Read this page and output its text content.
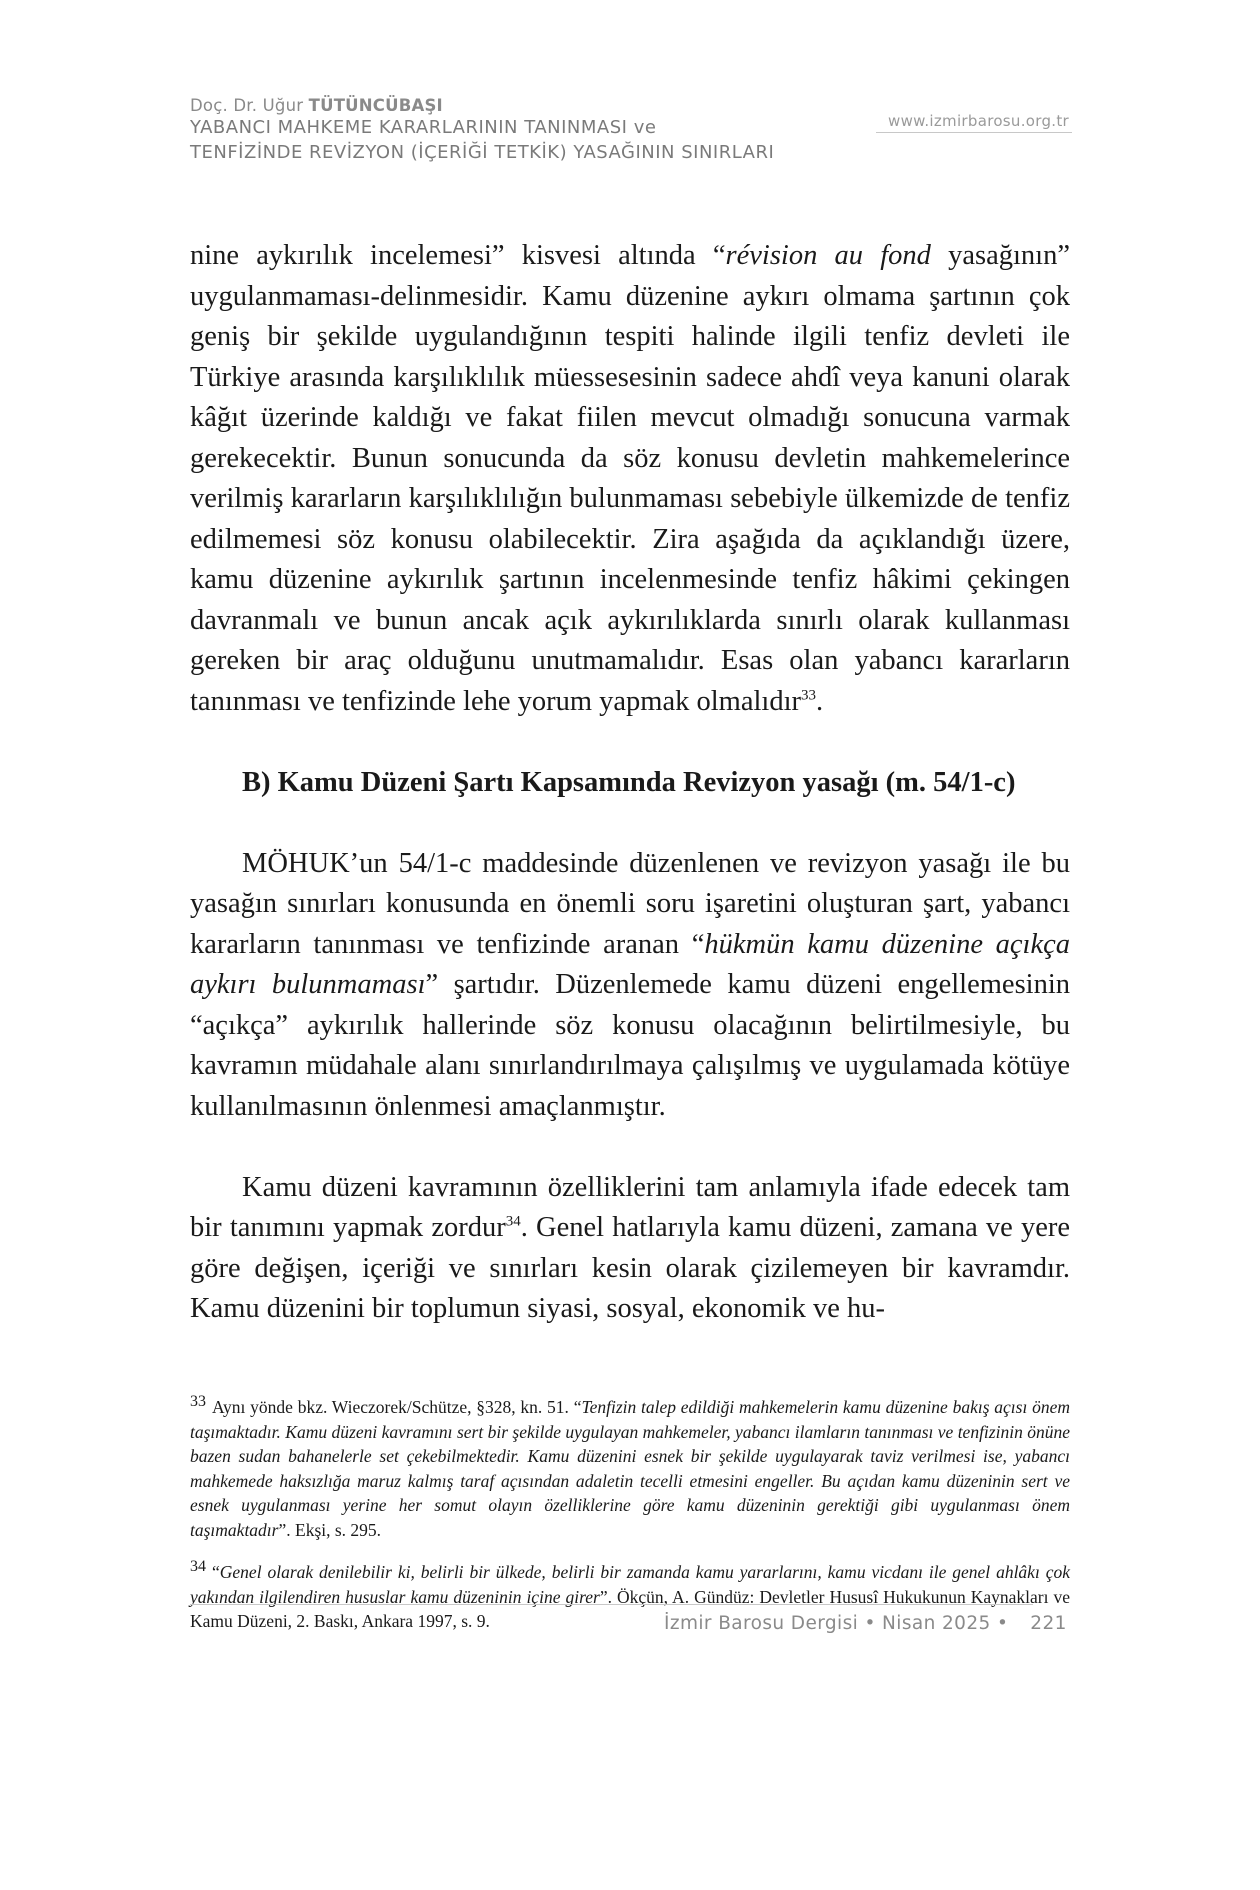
Doç. Dr. Uğur TÜTÜNCÜBAŞI
YABANCI MAHKEME KARARLARININ TANINMASI ve
TENFİZİNDE REVİZYON (İÇERİĞİ TETKİK) YASAĞININ SINIRLARI
www.izmirbarosu.org.tr

nine aykırılık incelemesi” kisvesi altında “révision au fond yasağının” uygulanmaması-delinmesidir. Kamu düzenine aykırı olmama şartının çok geniş bir şekilde uygulandığının tespiti halinde ilgili tenfiz devleti ile Türkiye arasında karşılıklılık müessesesinin sadece ahdî veya kanuni olarak kâğıt üzerinde kaldığı ve fakat fiilen mevcut olmadığı sonucuna varmak gerekecektir. Bunun sonucunda da söz konusu devletin mahkemelerince verilmiş kararların karşılıklılığın bulunmaması sebebiyle ülkemizde de tenfiz edilmemesi söz konusu olabilecektir. Zira aşağıda da açıklandığı üzere, kamu düzenine aykırılık şartının incelenmesinde tenfiz hâkimi çekingen davranmalı ve bunun ancak açık aykırılıklarda sınırlı olarak kullanması gereken bir araç olduğunu unutmamalıdır. Esas olan yabancı kararların tanınması ve tenfizinde lehe yorum yapmak olmalıdır$^{33}$.

B) Kamu Düzeni Şartı Kapsamında Revizyon yasağı (m. 54/1-c)

MÖHUK’un 54/1-c maddesinde düzenlenen ve revizyon yasağı ile bu yasağın sınırları konusunda en önemli soru işaretini oluşturan şart, yabancı kararların tanınması ve tenfizinde aranan “hükmün kamu düzenine açıkça aykırı bulunmaması” şartıdır. Düzenlemede kamu düzeni engellemesinin “açıkça” aykırılık hallerinde söz konusu olacağının belirtilmesiyle, bu kavramın müdahale alanı sınırlandırılmaya çalışılmış ve uygulamada kötüye kullanılmasının önlenmesi amaçlanmıştır.

Kamu düzeni kavramının özelliklerini tam anlamıyla ifade edecek tam bir tanımını yapmak zordur$^{34}$. Genel hatlarıyla kamu düzeni, zamana ve yere göre değişen, içeriği ve sınırları kesin olarak çizilemeyen bir kavramdır. Kamu düzenini bir toplumun siyasi, sosyal, ekonomik ve hu-

33 Aynı yönde bkz. Wieczorek/Schütze, §328, kn. 51. “Tenfizin talep edildiği mahkemelerin kamu düzenine bakış açısı önem taşımaktadır. Kamu düzeni kavramını sert bir şekilde uygulayan mahkemeler, yabancı ilamların tanınması ve tenfizinin önüne bazen sudan bahanelerle set çekebilmektedir. Kamu düzenini esnek bir şekilde uygulayarak taviz verilmesi ise, yabancı mahkemede haksızlığa maruz kalmış taraf açısından adaletin tecelli etmesini engeller. Bu açıdan kamu düzeninin sert ve esnek uygulanması yerine her somut olayın özelliklerine göre kamu düzeninin gerektiği gibi uygulanması önem taşımaktadır”. Ekşi, s. 295.

34 “Genel olarak denilebilir ki, belirli bir ülkede, belirli bir zamanda kamu yararlarını, kamu vicdanı ile genel ahlâkı çok yakından ilgilendiren hususlar kamu düzeninin içine girer”. Ökçün, A. Gündüz: Devletler Hususî Hukukunun Kaynakları ve Kamu Düzeni, 2. Baskı, Ankara 1997, s. 9.	İzmir Barosu Dergisi • Nisan 2025 • 221
